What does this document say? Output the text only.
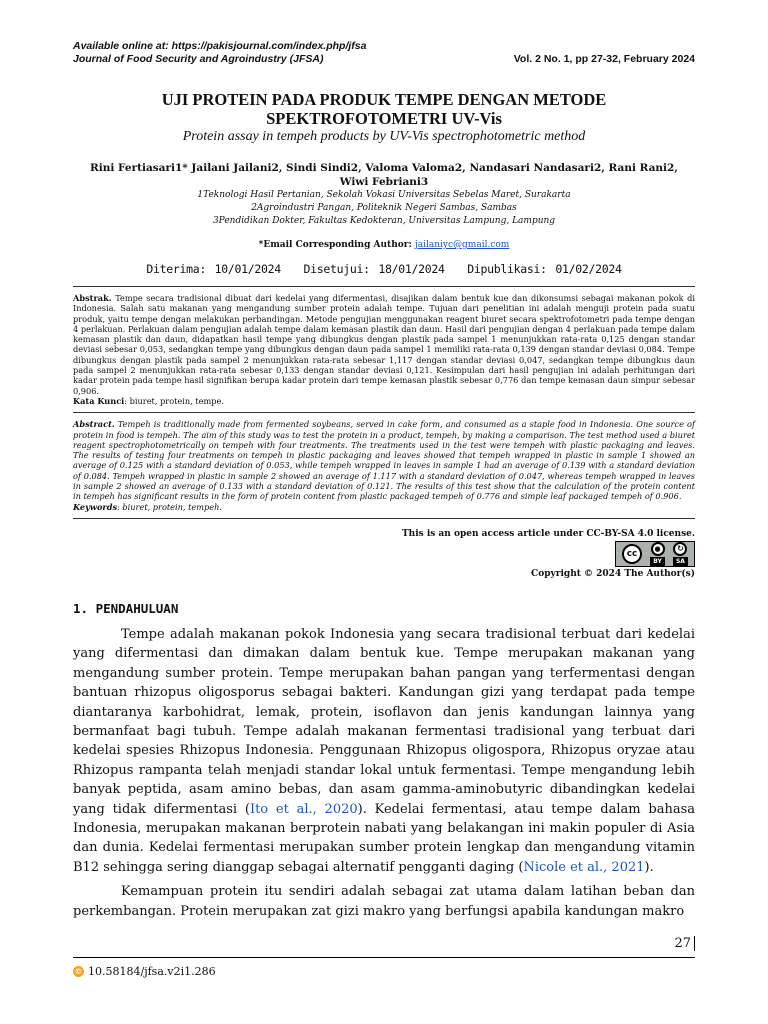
Available online at: https://pakisjournal.com/index.php/jfsa
Journal of Food Security and Agroindustry (JFSA)	Vol. 2 No. 1, pp 27-32, February 2024
UJI PROTEIN PADA PRODUK TEMPE DENGAN METODE
SPEKTROFOTOMETRI UV-Vis
Protein assay in tempeh products by UV-Vis spectrophotometric method
Rini Fertiasari1* Jailani Jailani2, Sindi Sindi2, Valoma Valoma2, Nandasari Nandasari2, Rani Rani2,
Wiwi Febriani3
1Teknologi Hasil Pertanian, Sekolah Vokasi Universitas Sebelas Maret, Surakarta
2Agroindustri Pangan, Politeknik Negeri Sambas, Sambas
3Pendidikan Dokter, Fakultas Kedokteran, Universitas Lampung, Lampung
*Email Corresponding Author: jailaniyc@gmail.com
Diterima: 10/01/2024 Disetujui: 18/01/2024 Dipublikasi: 01/02/2024
Abstrak. Tempe secara tradisional dibuat dari kedelai yang difermentasi, disajikan dalam bentuk kue dan dikonsumsi sebagai makanan pokok di Indonesia. Salah satu makanan yang mengandung sumber protein adalah tempe. Tujuan dari penelitian ini adalah menguji protein pada suatu produk, yaitu tempe dengan melakukan perbandingan. Metode pengujian menggunakan reagent biuret secara spektrofotometri pada tempe dengan 4 perlakuan. Perlakuan dalam pengujian adalah tempe dalam kemasan plastik dan daun. Hasil dari pengujian dengan 4 perlakuan pada tempe dalam kemasan plastik dan daun, didapatkan hasil tempe yang dibungkus dengan plastik pada sampel 1 menunjukkan rata-rata 0,125 dengan standar deviasi sebesar 0,053, sedangkan tempe yang dibungkus dengan daun pada sampel 1 memiliki rata-rata 0,139 dengan standar deviasi 0,084. Tempe dibungkus dengan plastik pada sampel 2 menunjukkan rata-rata sebesar 1,117 dengan standar deviasi 0,047, sedangkan tempe dibungkus daun pada sampel 2 menunjukkan rata-rata sebesar 0,133 dengan standar deviasi 0,121. Kesimpulan dari hasil pengujian ini adalah perhitungan dari kadar protein pada tempe hasil signifikan berupa kadar protein dari tempe kemasan plastik sebesar 0,776 dan tempe kemasan daun simpur sebesar 0,906.
Kata Kunci: biuret, protein, tempe.
Abstract. Tempeh is traditionally made from fermented soybeans, served in cake form, and consumed as a staple food in Indonesia. One source of protein in food is tempeh. The aim of this study was to test the protein in a product, tempeh, by making a comparison. The test method used a biuret reagent spectrophotometrically on tempeh with four treatments. The treatments used in the test were tempeh with plastic packaging and leaves. The results of testing four treatments on tempeh in plastic packaging and leaves showed that tempeh wrapped in plastic in sample 1 showed an average of 0.125 with a standard deviation of 0.053, while tempeh wrapped in leaves in sample 1 had an average of 0.139 with a standard deviation of 0.084. Tempeh wrapped in plastic in sample 2 showed an average of 1.117 with a standard deviation of 0.047, whereas tempeh wrapped in leaves in sample 2 showed an average of 0.133 with a standard deviation of 0.121. The results of this test show that the calculation of the protein content in tempeh has significant results in the form of protein content from plastic packaged tempeh of 0.776 and simple leaf packaged tempeh of 0.906.
Keywords: biuret, protein, tempeh.
This is an open access article under CC-BY-SA 4.0 license.
cc	●
BY
↻
SA
Copyright © 2024 The Author(s)
1. PENDAHULUAN

Tempe adalah makanan pokok Indonesia yang secara tradisional terbuat dari kedelai yang difermentasi dan dimakan dalam bentuk kue. Tempe merupakan makanan yang mengandung sumber protein. Tempe merupakan bahan pangan yang terfermentasi dengan bantuan rhizopus oligosporus sebagai bakteri. Kandungan gizi yang terdapat pada tempe diantaranya karbohidrat, lemak, protein, isoflavon dan jenis kandungan lainnya yang bermanfaat bagi tubuh. Tempe adalah makanan fermentasi tradisional yang terbuat dari kedelai spesies Rhizopus Indonesia. Penggunaan Rhizopus oligospora, Rhizopus oryzae atau Rhizopus rampanta telah menjadi standar lokal untuk fermentasi. Tempe mengandung lebih banyak peptida, asam amino bebas, dan asam gamma-aminobutyric dibandingkan kedelai yang tidak difermentasi (Ito et al., 2020). Kedelai fermentasi, atau tempe dalam bahasa Indonesia, merupakan makanan berprotein nabati yang belakangan ini makin populer di Asia dan dunia. Kedelai fermentasi merupakan sumber protein lengkap dan mengandung vitamin B12 sehingga sering dianggap sebagai alternatif pengganti daging (Nicole et al., 2021).

Kemampuan protein itu sendiri adalah sebagai zat utama dalam latihan beban dan perkembangan. Protein merupakan zat gizi makro yang berfungsi apabila kandungan makro

27
© 10.58184/jfsa.v2i1.286
